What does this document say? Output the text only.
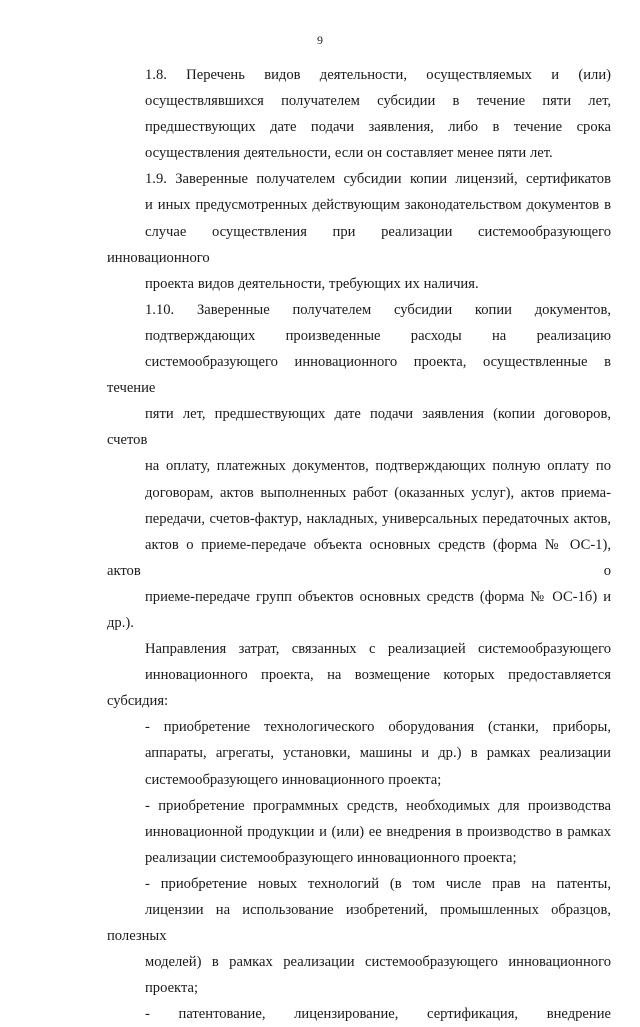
9
1.8. Перечень видов деятельности, осуществляемых и (или)
осуществлявшихся получателем субсидии в течение пяти лет,
предшествующих дате подачи заявления, либо в течение срока
осуществления деятельности, если он составляет менее пяти лет.
1.9. Заверенные получателем субсидии копии лицензий, сертификатов
и иных предусмотренных действующим законодательством документов в
случае осуществления при реализации системообразующего инновационного
проекта видов деятельности, требующих их наличия.
1.10. Заверенные получателем субсидии копии документов,
подтверждающих произведенные расходы на реализацию
системообразующего инновационного проекта, осуществленные в течение
пяти лет, предшествующих дате подачи заявления (копии договоров, счетов
на оплату, платежных документов, подтверждающих полную оплату по
договорам, актов выполненных работ (оказанных услуг), актов приема-
передачи, счетов-фактур, накладных, универсальных передаточных актов,
актов о приеме-передаче объекта основных средств (форма № ОС-1), актов о
приеме-передаче групп объектов основных средств (форма № ОС-1б) и др.).
Направления затрат, связанных с реализацией системообразующего
инновационного проекта, на возмещение которых предоставляется субсидия:
- приобретение технологического оборудования (станки, приборы,
аппараты, агрегаты, установки, машины и др.) в рамках реализации
системообразующего инновационного проекта;
- приобретение программных средств, необходимых для производства
инновационной продукции и (или) ее внедрения в производство в рамках
реализации системообразующего инновационного проекта;
- приобретение новых технологий (в том числе прав на патенты,
лицензии на использование изобретений, промышленных образцов, полезных
моделей) в рамках реализации системообразующего инновационного
проекта;
- патентование, лицензирование, сертификация, внедрение
